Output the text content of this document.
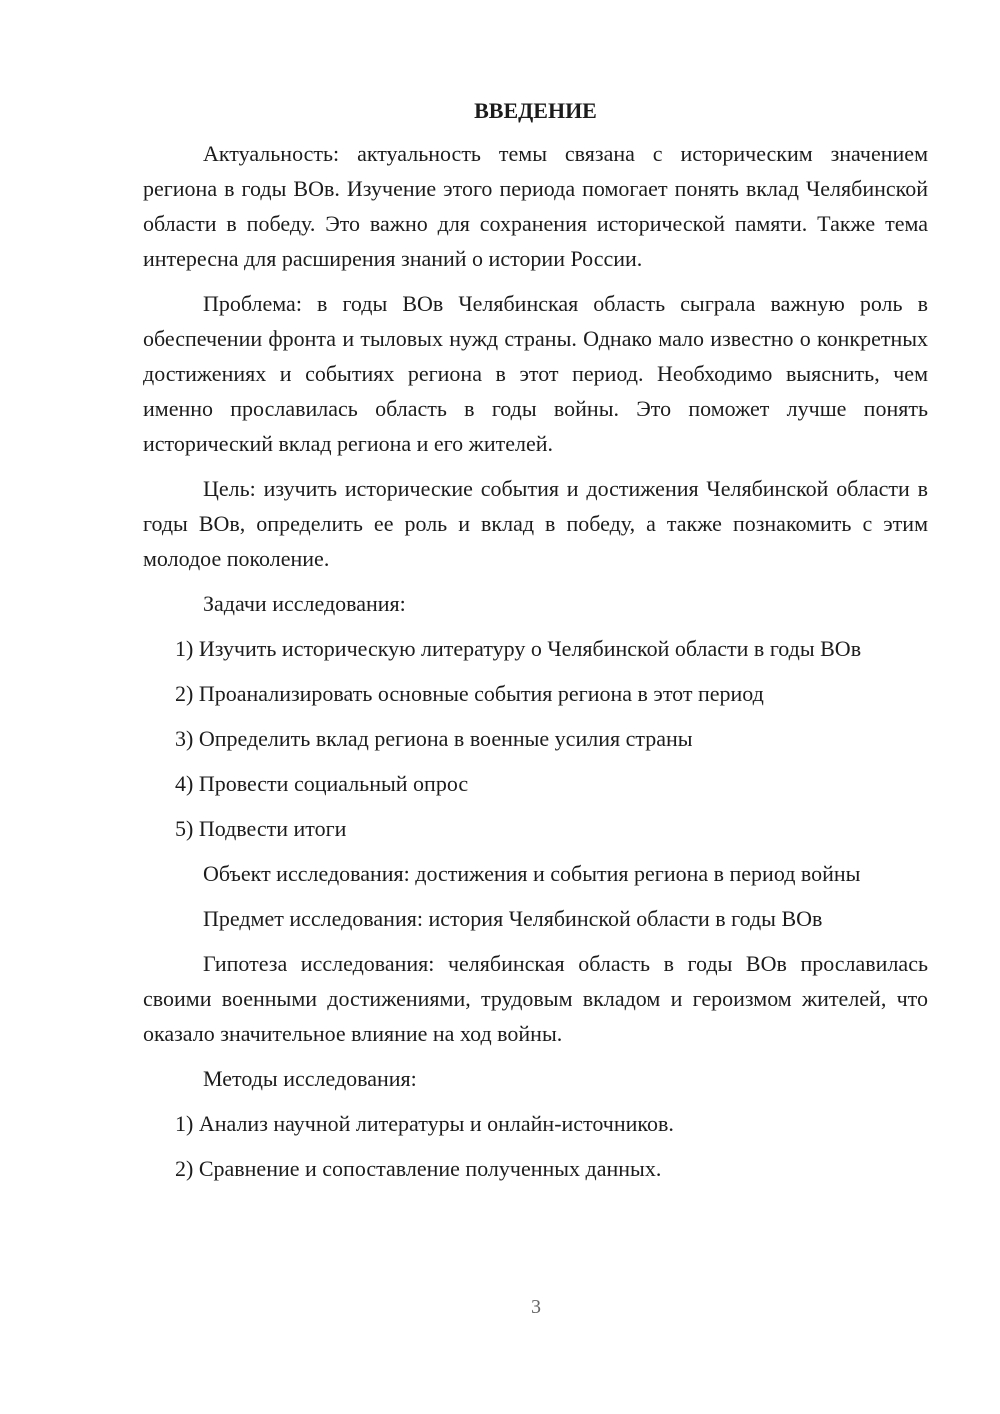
ВВЕДЕНИЕ

Актуальность: актуальность темы связана с историческим значением региона в годы ВОв. Изучение этого периода помогает понять вклад Челябинской области в победу. Это важно для сохранения исторической памяти. Также тема интересна для расширения знаний о истории России.

Проблема: в годы ВОв Челябинская область сыграла важную роль в обеспечении фронта и тыловых нужд страны. Однако мало известно о конкретных достижениях и событиях региона в этот период. Необходимо выяснить, чем именно прославилась область в годы войны. Это поможет лучше понять исторический вклад региона и его жителей.

Цель: изучить исторические события и достижения Челябинской области в годы ВОв, определить ее роль и вклад в победу, а также познакомить с этим молодое поколение.

Задачи исследования:

1) Изучить историческую литературу о Челябинской области в годы ВОв

2) Проанализировать основные события региона в этот период

3) Определить вклад региона в военные усилия страны

4) Провести социальный опрос

5) Подвести итоги

Объект исследования: достижения и события региона в период войны

Предмет исследования: история Челябинской области в годы ВОв

Гипотеза исследования: челябинская область в годы ВОв прославилась своими военными достижениями, трудовым вкладом и героизмом жителей, что оказало значительное влияние на ход войны.

Методы исследования:

1) Анализ научной литературы и онлайн-источников.

2) Сравнение и сопоставление полученных данных.

3
